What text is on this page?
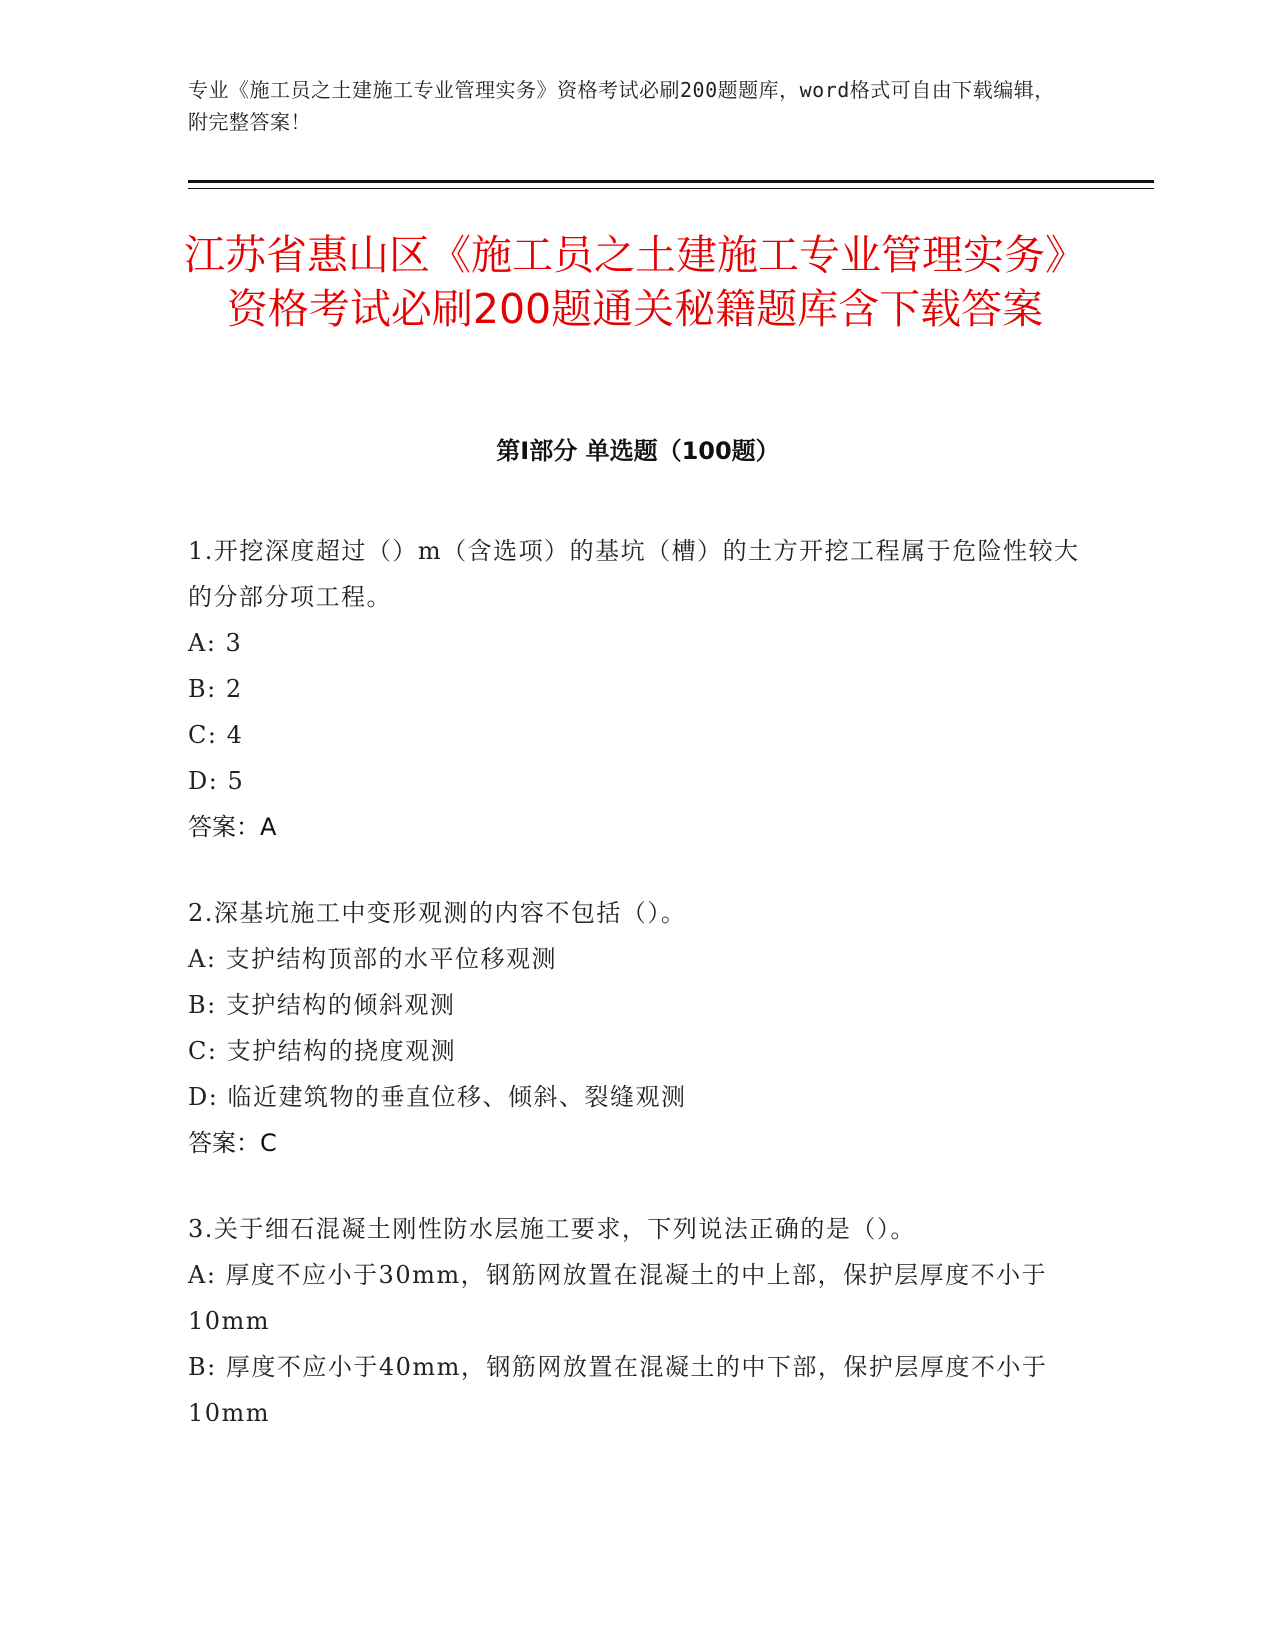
专业《施工员之土建施工专业管理实务》资格考试必刷200题题库，word格式可自由下载编辑，附完整答案！
江苏省惠山区《施工员之土建施工专业管理实务》资格考试必刷200题通关秘籍题库含下载答案
第I部分 单选题（100题）

1.开挖深度超过（）m（含选项）的基坑（槽）的土方开挖工程属于危险性较大的分部分项工程。

A: 3

B: 2

C: 4

D: 5

答案：A

2.深基坑施工中变形观测的内容不包括（）。

A: 支护结构顶部的水平位移观测

B: 支护结构的倾斜观测

C: 支护结构的挠度观测

D: 临近建筑物的垂直位移、倾斜、裂缝观测

答案：C

3.关于细石混凝土刚性防水层施工要求，下列说法正确的是（）。

A: 厚度不应小于30mm，钢筋网放置在混凝土的中上部，保护层厚度不小于10mm

B: 厚度不应小于40mm，钢筋网放置在混凝土的中下部，保护层厚度不小于10mm
